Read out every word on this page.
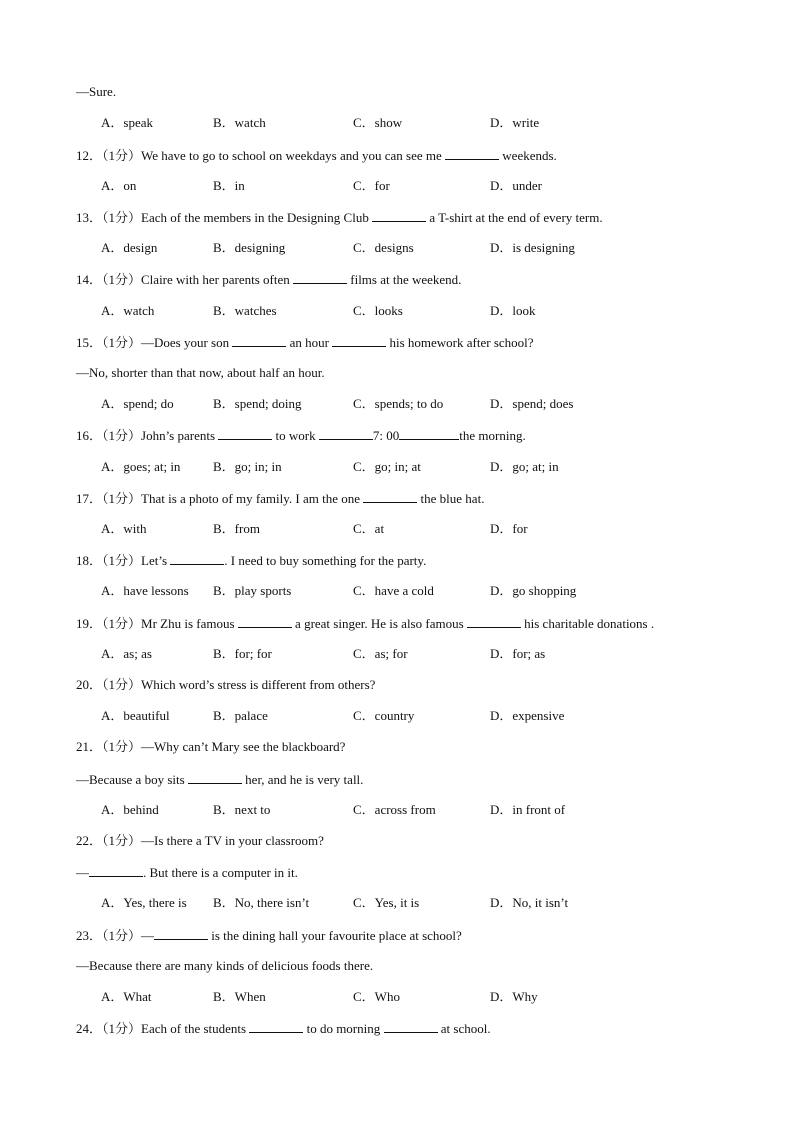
—Sure.
A．speak	B．watch	C．show	D．write
12．（1分）We have to go to school on weekdays and you can see me	weekends.
A．on	B．in	C．for	D．under
13．（1分）Each of the members in the Designing Club	a T-shirt at the end of every term.
A．design	B．designing	C．designs	D．is designing
14．（1分）Claire with her parents often	films at the weekend.
A．watch	B．watches	C．looks	D．look
15．（1分）—Does your son	an hour	his homework after school?
—No, shorter than that now, about half an hour.
A．spend; do	B．spend; doing	C．spends; to do	D．spend; does
16．（1分）John’s parents	to work	7: 00	the morning.
A．goes; at; in	B．go; in; in	C．go; in; at	D．go; at; in
17．（1分）That is a photo of my family. I am the one	the blue hat.
A．with	B．from	C．at	D．for
18．（1分）Let’s	. I need to buy something for the party.
A．have lessons B．play sports	C．have a cold	D．go shopping
19．（1分）Mr Zhu is famous	a great singer. He is also famous	his charitable donations .
A．as; as	B．for; for	C．as; for	D．for; as
20．（1分）Which word’s stress is different from others?
A．beautiful	B．palace	C．country	D．expensive
21．（1分）—Why can’t Mary see the blackboard?
—Because a boy sits	her, and he is very tall.
A．behind	B．next to	C．across from	D．in front of
22．（1分）—Is there a TV in your classroom?
—	. But there is a computer in it.
A．Yes, there is B．No, there isn’t	C．Yes, it is	D．No, it isn’t
23．（1分）—	is the dining hall your favourite place at school?
—Because there are many kinds of delicious foods there.
A．What	B．When	C．Who	D．Why
24．（1分）Each of the students	to do morning	at school.
